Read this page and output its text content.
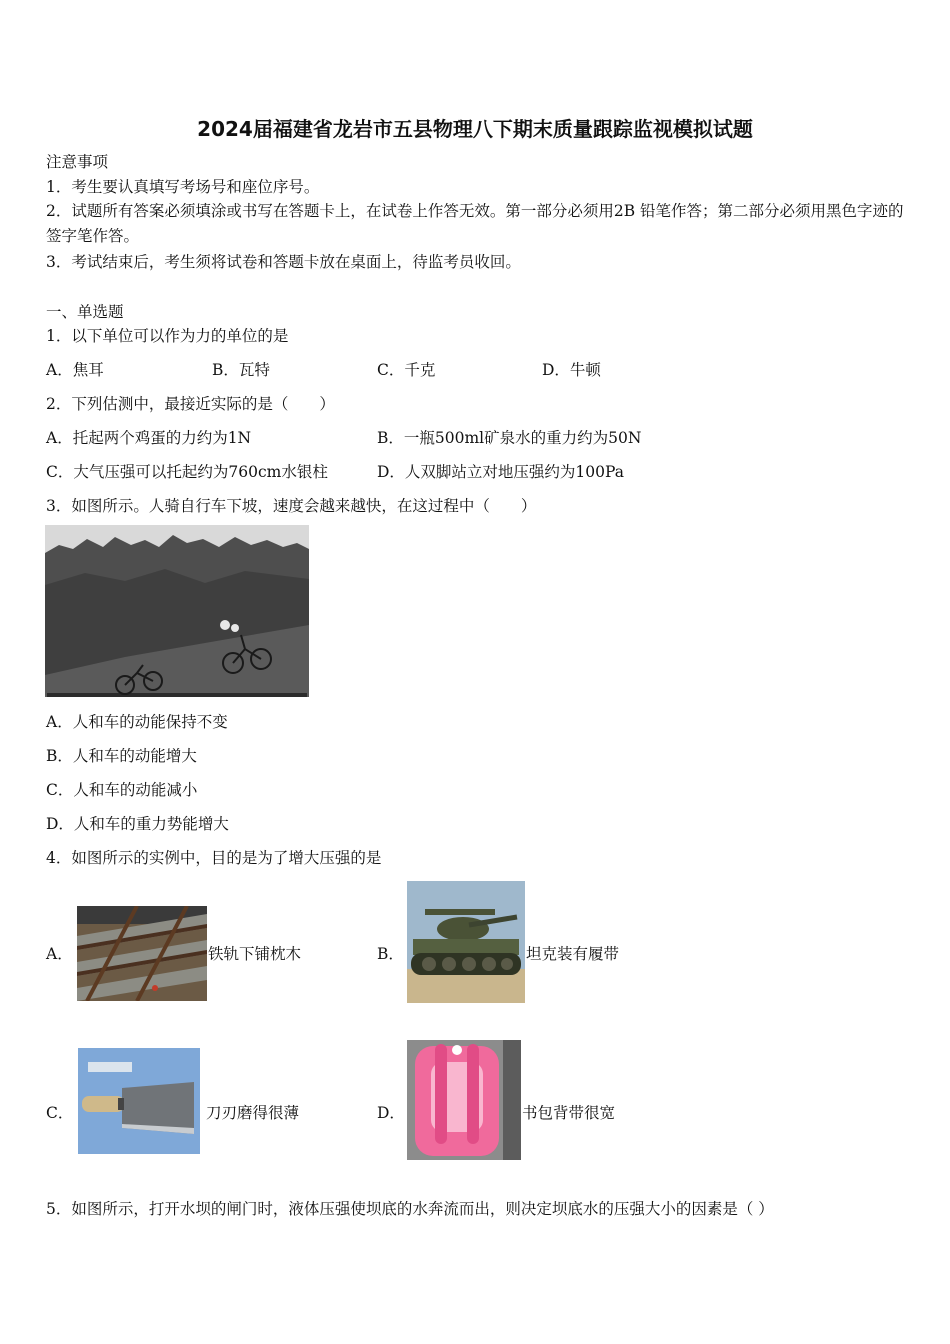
2024届福建省龙岩市五县物理八下期末质量跟踪监视模拟试题
注意事项
1．考生要认真填写考场号和座位序号。
2．试题所有答案必须填涂或书写在答题卡上，在试卷上作答无效。第一部分必须用2B 铅笔作答；第二部分必须用黑色字迹的签字笔作答。
3．考试结束后，考生须将试卷和答题卡放在桌面上，待监考员收回。
一、单选题
1．以下单位可以作为力的单位的是
A．焦耳	B．瓦特	C．千克	D．牛顿
2．下列估测中，最接近实际的是（　　）
A．托起两个鸡蛋的力约为1N	B．一瓶500ml矿泉水的重力约为50N
C．大气压强可以托起约为760cm水银柱	D．人双脚站立对地压强约为100Pa
3．如图所示。人骑自行车下坡，速度会越来越快，在这过程中（　　）
A．人和车的动能保持不变
B．人和车的动能增大
C．人和车的动能减小
D．人和车的重力势能增大
4．如图所示的实例中，目的是为了增大压强的是
A．	铁轨下铺枕木	B．	坦克装有履带
C．	刀刃磨得很薄	D．	书包背带很宽
5．如图所示，打开水坝的闸门时，液体压强使坝底的水奔流而出，则决定坝底水的压强大小的因素是（ ）
